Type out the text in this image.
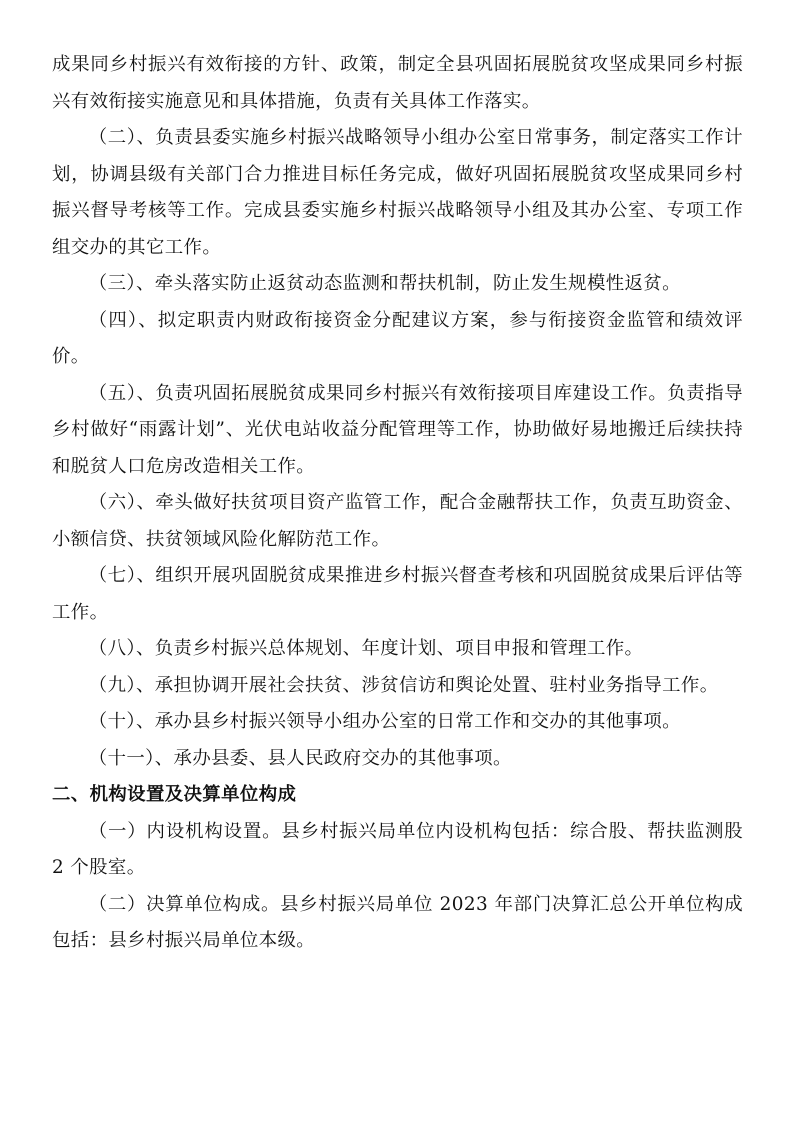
成果同乡村振兴有效衔接的方针、政策，制定全县巩固拓展脱贫攻坚成果同乡村振兴有效衔接实施意见和具体措施，负责有关具体工作落实。

（二）、负责县委实施乡村振兴战略领导小组办公室日常事务，制定落实工作计划，协调县级有关部门合力推进目标任务完成，做好巩固拓展脱贫攻坚成果同乡村振兴督导考核等工作。完成县委实施乡村振兴战略领导小组及其办公室、专项工作组交办的其它工作。

（三）、牵头落实防止返贫动态监测和帮扶机制，防止发生规模性返贫。

（四）、拟定职责内财政衔接资金分配建议方案，参与衔接资金监管和绩效评价。

（五）、负责巩固拓展脱贫成果同乡村振兴有效衔接项目库建设工作。负责指导乡村做好“雨露计划”、光伏电站收益分配管理等工作，协助做好易地搬迁后续扶持和脱贫人口危房改造相关工作。

（六）、牵头做好扶贫项目资产监管工作，配合金融帮扶工作，负责互助资金、小额信贷、扶贫领域风险化解防范工作。

（七）、组织开展巩固脱贫成果推进乡村振兴督查考核和巩固脱贫成果后评估等工作。

（八）、负责乡村振兴总体规划、年度计划、项目申报和管理工作。

（九）、承担协调开展社会扶贫、涉贫信访和舆论处置、驻村业务指导工作。

（十）、承办县乡村振兴领导小组办公室的日常工作和交办的其他事项。

（十一）、承办县委、县人民政府交办的其他事项。

二、机构设置及决算单位构成

（一）内设机构设置。县乡村振兴局单位内设机构包括：综合股、帮扶监测股 2 个股室。

（二）决算单位构成。县乡村振兴局单位 2023 年部门决算汇总公开单位构成包括：县乡村振兴局单位本级。
